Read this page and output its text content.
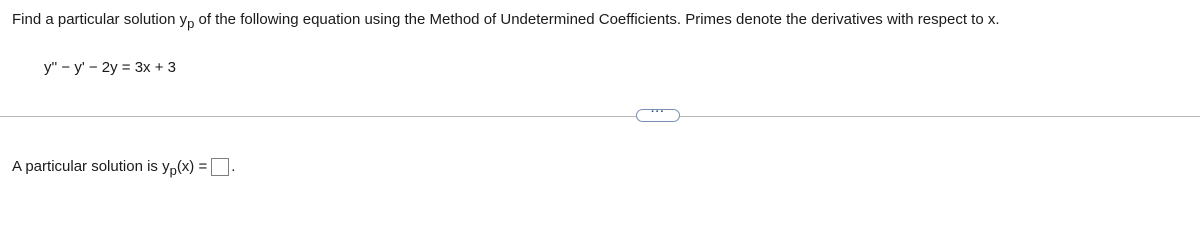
Find a particular solution yp of the following equation using the Method of Undetermined Coefficients. Primes denote the derivatives with respect to x.
y'' − y' − 2y = 3x + 3
···
A particular solution is yp (x) = .
